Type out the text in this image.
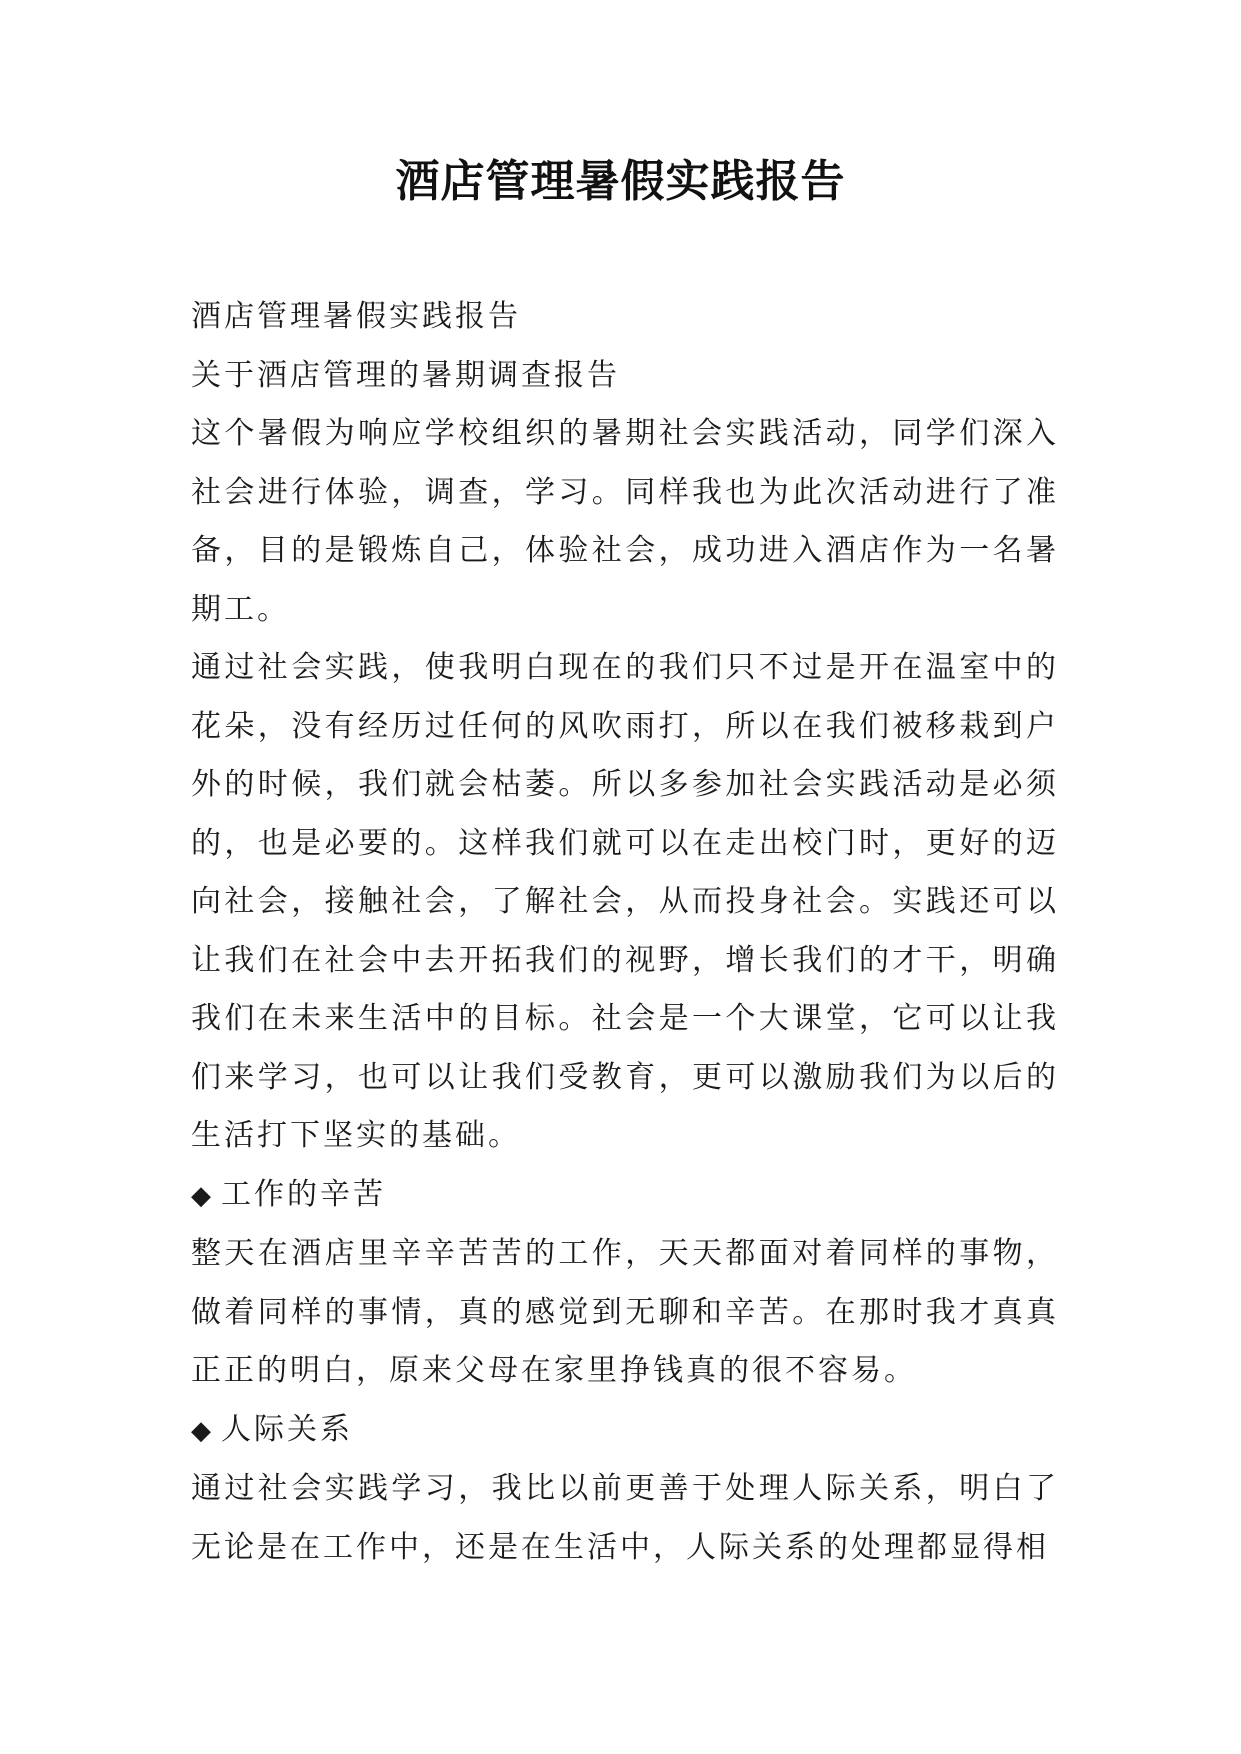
酒店管理暑假实践报告

酒店管理暑假实践报告

关于酒店管理的暑期调查报告

这个暑假为响应学校组织的暑期社会实践活动，同学们深入社会进行体验，调查，学习。同样我也为此次活动进行了准备，目的是锻炼自己，体验社会，成功进入酒店作为一名暑期工。

通过社会实践，使我明白现在的我们只不过是开在温室中的花朵，没有经历过任何的风吹雨打，所以在我们被移栽到户外的时候，我们就会枯萎。所以多参加社会实践活动是必须的，也是必要的。这样我们就可以在走出校门时，更好的迈向社会，接触社会，了解社会，从而投身社会。实践还可以让我们在社会中去开拓我们的视野，增长我们的才干，明确我们在未来生活中的目标。社会是一个大课堂，它可以让我们来学习，也可以让我们受教育，更可以激励我们为以后的生活打下坚实的基础。

◆ 工作的辛苦

整天在酒店里辛辛苦苦的工作，天天都面对着同样的事物，做着同样的事情，真的感觉到无聊和辛苦。在那时我才真真正正的明白，原来父母在家里挣钱真的很不容易。

◆ 人际关系

通过社会实践学习，我比以前更善于处理人际关系，明白了无论是在工作中，还是在生活中，人际关系的处理都显得相
